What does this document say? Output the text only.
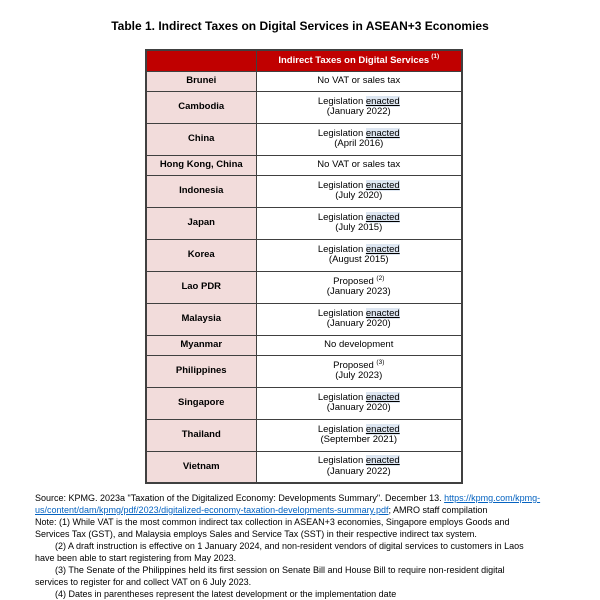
Table 1. Indirect Taxes on Digital Services in ASEAN+3 Economies
	Indirect Taxes on Digital Services $^{(1)}$
Brunei	No VAT or sales tax
Cambodia	Legislation enacted
(January 2022)
China	Legislation enacted
(April 2016)
Hong Kong, China	No VAT or sales tax
Indonesia	Legislation enacted
(July 2020)
Japan	Legislation enacted
(July 2015)
Korea	Legislation enacted
(August 2015)
Lao PDR	Proposed $^{(2)}$
(January 2023)
Malaysia	Legislation enacted
(January 2020)
Myanmar	No development
Philippines	Proposed $^{(3)}$
(July 2023)
Singapore	Legislation enacted
(January 2020)
Thailand	Legislation enacted
(September 2021)
Vietnam	Legislation enacted
(January 2022)
Source: KPMG. 2023a "Taxation of the Digitalized Economy: Developments Summary". December 13. https://kpmg.com/kpmg-
us/content/dam/kpmg/pdf/2023/digitalized-economy-taxation-developments-summary.pdf; AMRO staff compilation
Note: (1) While VAT is the most common indirect tax collection in ASEAN+3 economies, Singapore employs Goods and
Services Tax (GST), and Malaysia employs Sales and Service Tax (SST) in their respective indirect tax system.
(2) A draft instruction is effective on 1 January 2024, and non-resident vendors of digital services to customers in Laos
have been able to start registering from May 2023.
(3) The Senate of the Philippines held its first session on Senate Bill and House Bill to require non-resident digital
services to register for and collect VAT on 6 July 2023.
(4) Dates in parentheses represent the latest development or the implementation date
